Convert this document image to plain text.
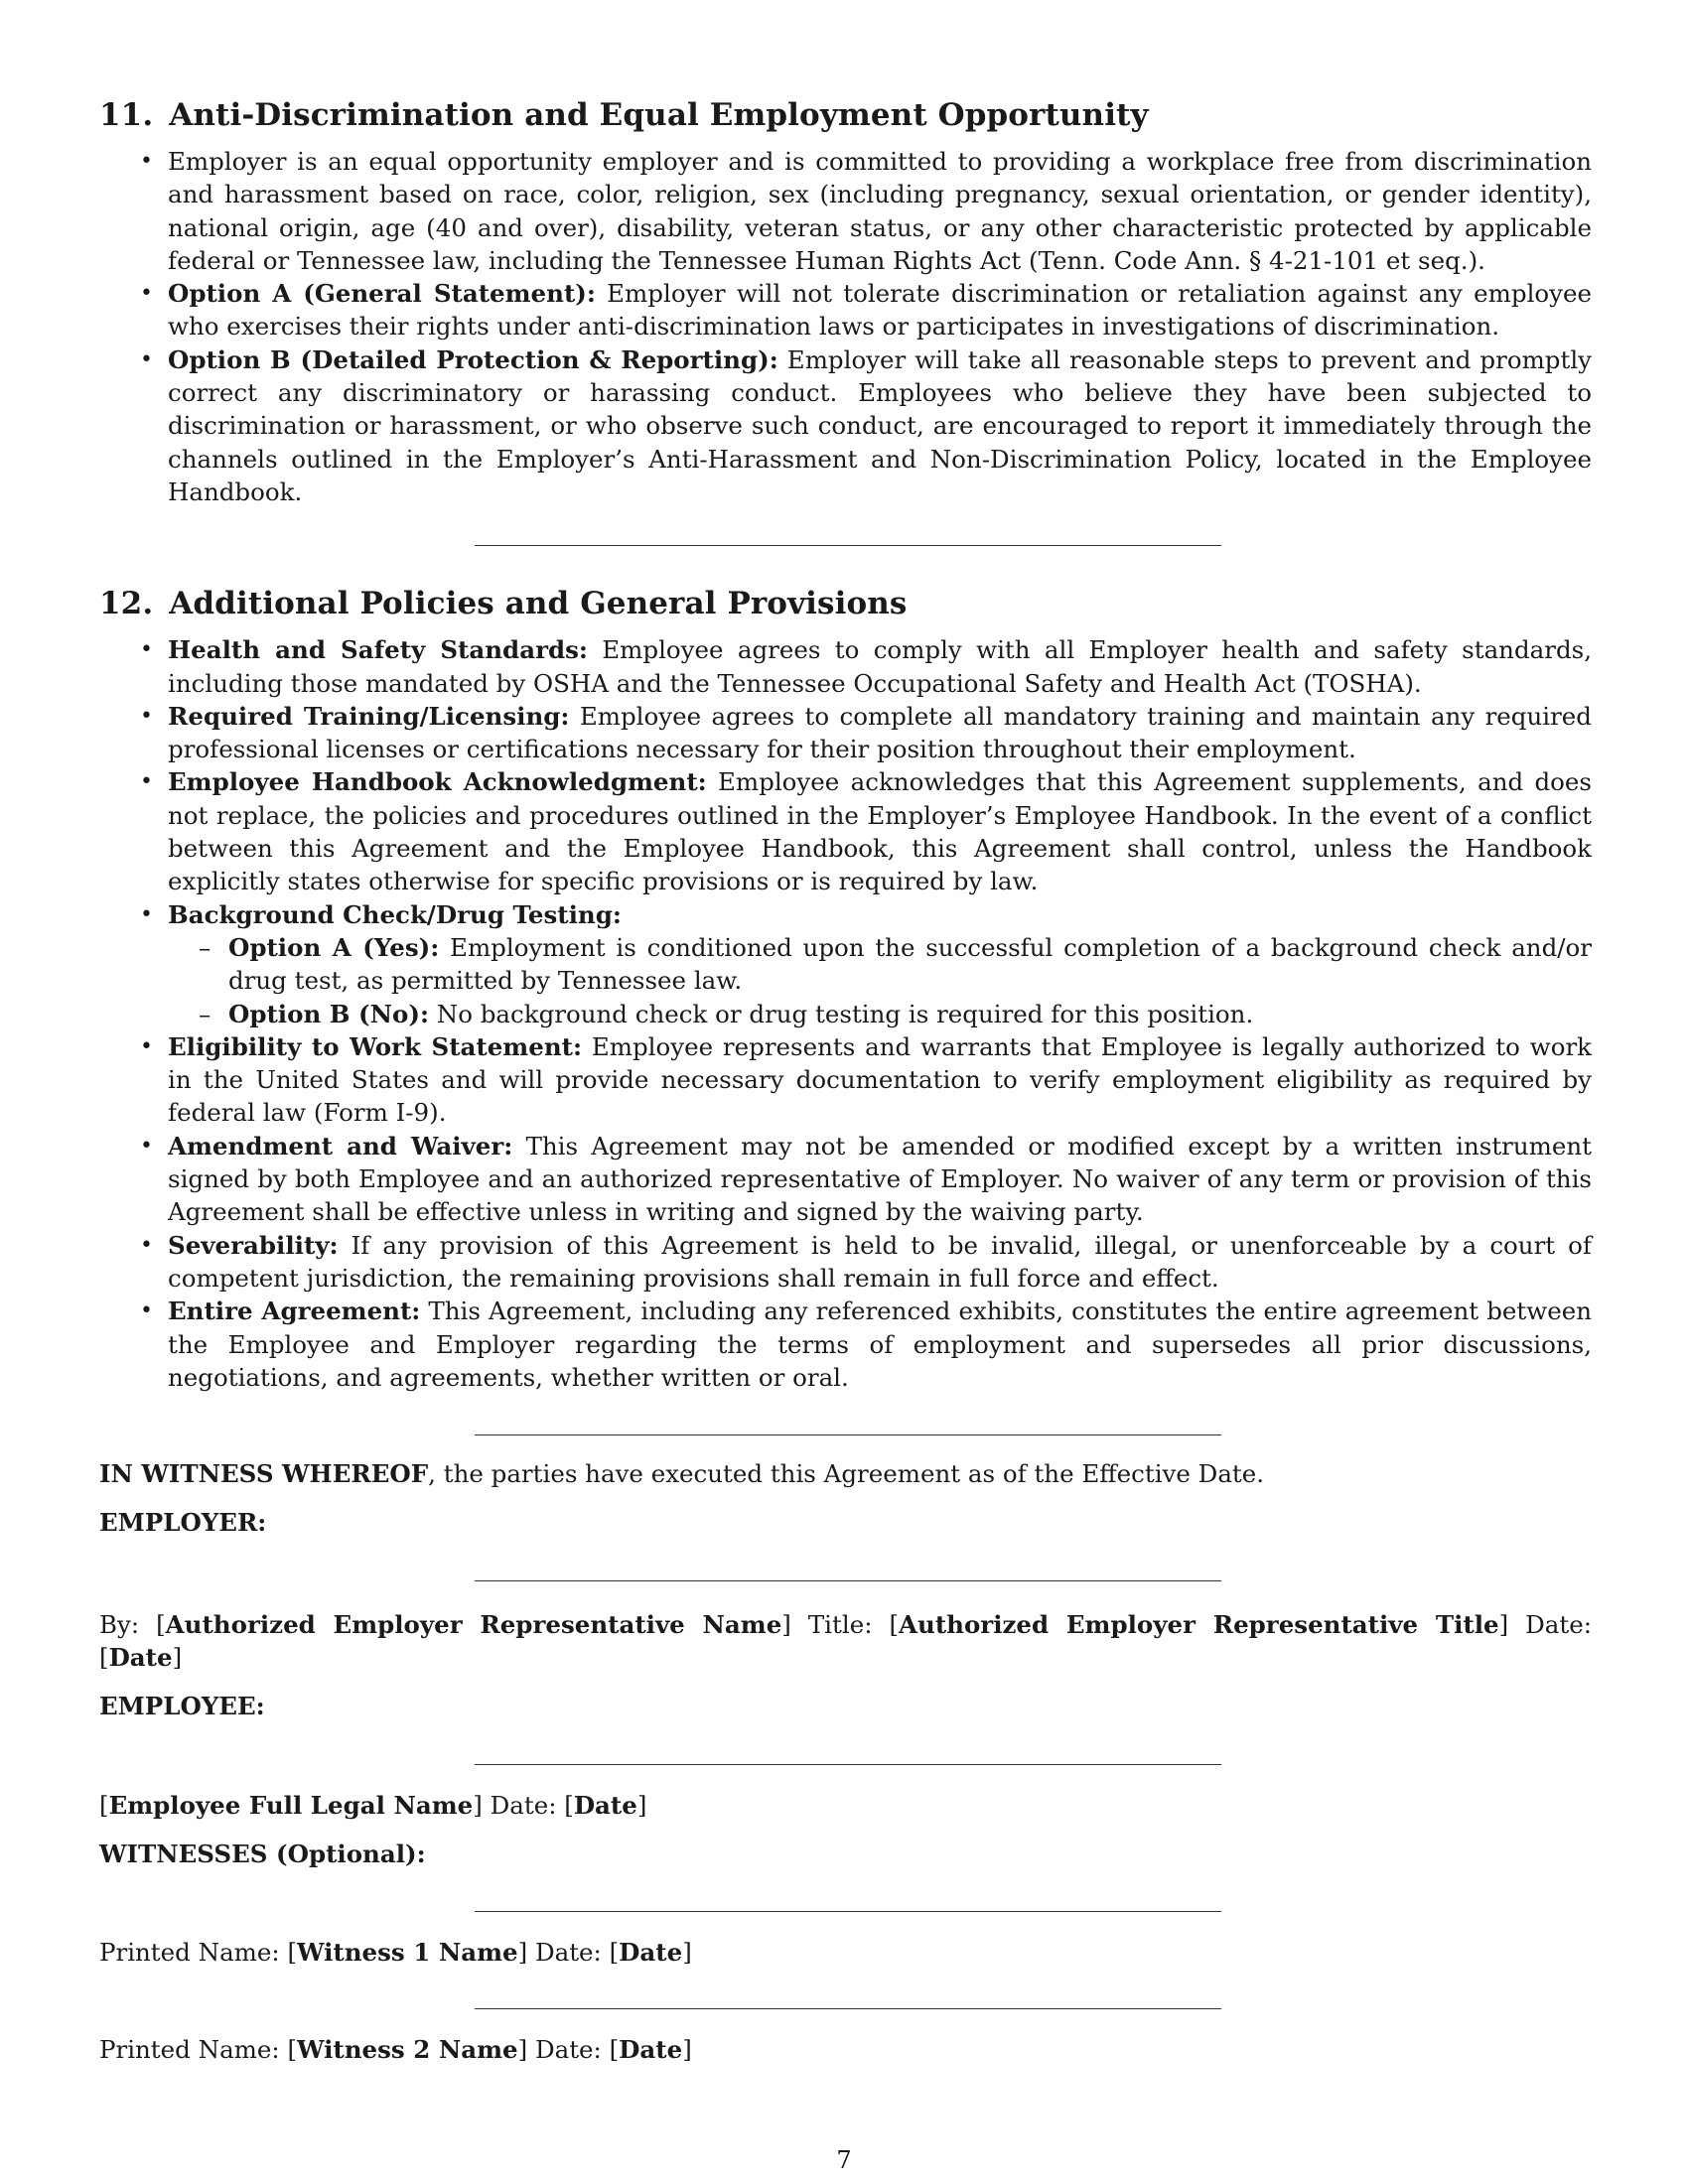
11. Anti-Discrimination and Equal Employment Opportunity
• Employer is an equal opportunity employer and is committed to providing a workplace free from discrimination and harassment based on race, color, religion, sex (including pregnancy, sexual orientation, or gender identity), national origin, age (40 and over), disability, veteran status, or any other characteristic protected by applicable federal or Tennessee law, including the Tennessee Human Rights Act (Tenn. Code Ann. § 4-21-101 et seq.).
• Option A (General Statement): Employer will not tolerate discrimination or retaliation against any employee who exercises their rights under anti-discrimination laws or participates in investigations of discrimination.
• Option B (Detailed Protection & Reporting): Employer will take all reasonable steps to prevent and promptly correct any discriminatory or harassing conduct. Employees who believe they have been subjected to discrimination or harassment, or who observe such conduct, are encouraged to report it immediately through the channels outlined in the Employer’s Anti-Harassment and Non-Discrimination Policy, located in the Employee Handbook.
12. Additional Policies and General Provisions
• Health and Safety Standards: Employee agrees to comply with all Employer health and safety standards, including those mandated by OSHA and the Tennessee Occupational Safety and Health Act (TOSHA).
• Required Training/Licensing: Employee agrees to complete all mandatory training and maintain any required professional licenses or certifications necessary for their position throughout their employment.
• Employee Handbook Acknowledgment: Employee acknowledges that this Agreement supplements, and does not replace, the policies and procedures outlined in the Employer’s Employee Handbook. In the event of a conflict between this Agreement and the Employee Handbook, this Agreement shall control, unless the Handbook explicitly states otherwise for specific provisions or is required by law.
• Background Check/Drug Testing:
– Option A (Yes): Employment is conditioned upon the successful completion of a background check and/or drug test, as permitted by Tennessee law.
– Option B (No): No background check or drug testing is required for this position.
• Eligibility to Work Statement: Employee represents and warrants that Employee is legally authorized to work in the United States and will provide necessary documentation to verify employment eligibility as required by federal law (Form I-9).
• Amendment and Waiver: This Agreement may not be amended or modified except by a written instrument signed by both Employee and an authorized representative of Employer. No waiver of any term or provision of this Agreement shall be effective unless in writing and signed by the waiving party.
• Severability: If any provision of this Agreement is held to be invalid, illegal, or unenforceable by a court of competent jurisdiction, the remaining provisions shall remain in full force and effect.
• Entire Agreement: This Agreement, including any referenced exhibits, constitutes the entire agreement between the Employee and Employer regarding the terms of employment and supersedes all prior discussions, negotiations, and agreements, whether written or oral.

IN WITNESS WHEREOF, the parties have executed this Agreement as of the Effective Date.

EMPLOYER:

By: [Authorized Employer Representative Name] Title: [Authorized Employer Representative Title] Date: [Date]

EMPLOYEE:

[Employee Full Legal Name] Date: [Date]

WITNESSES (Optional):

Printed Name: [Witness 1 Name] Date: [Date]

Printed Name: [Witness 2 Name] Date: [Date]

7
